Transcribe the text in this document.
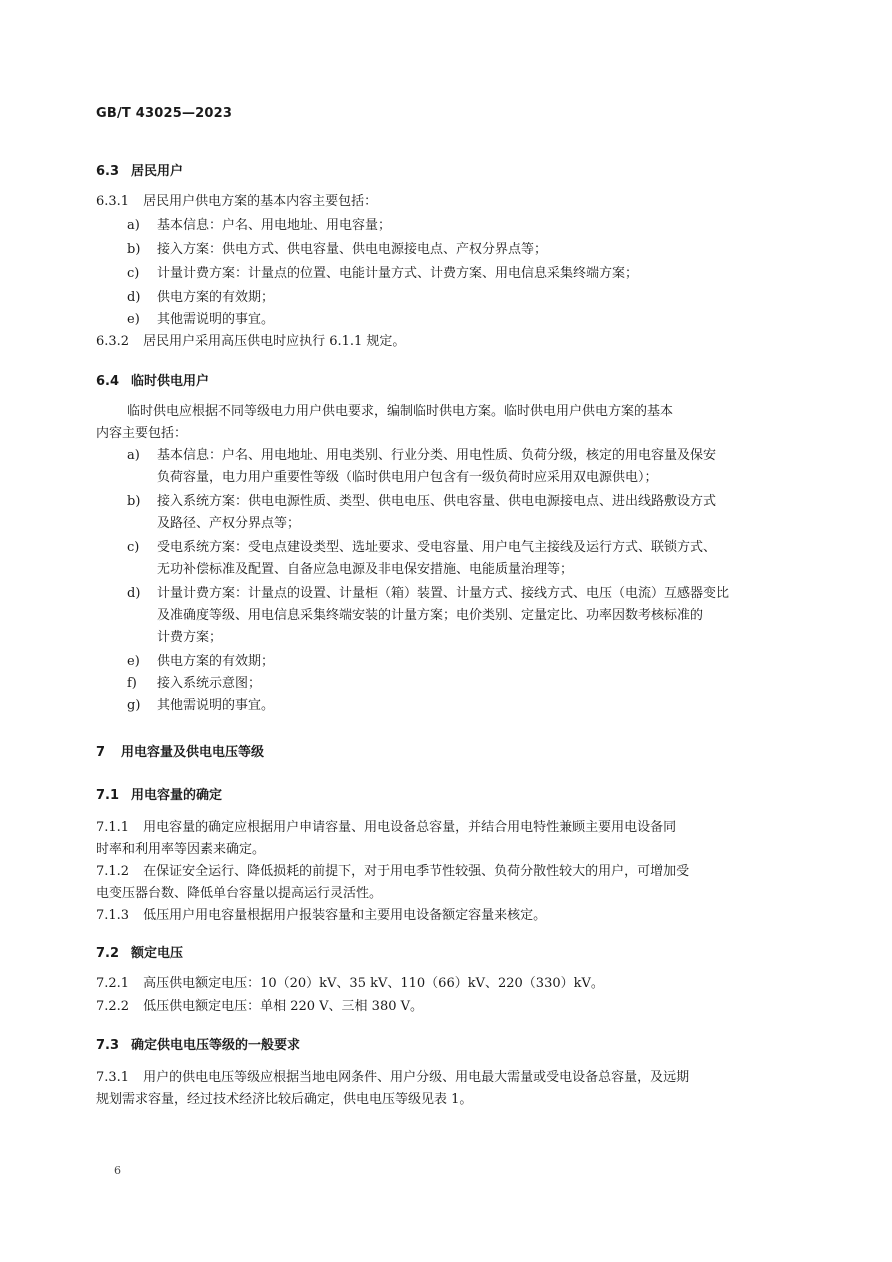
GB/T 43025—2023
6.3 居民用户
6.3.1 居民用户供电方案的基本内容主要包括：
a) 基本信息：户名、用电地址、用电容量；
b) 接入方案：供电方式、供电容量、供电电源接电点、产权分界点等；
c) 计量计费方案：计量点的位置、电能计量方式、计费方案、用电信息采集终端方案；
d) 供电方案的有效期；
e) 其他需说明的事宜。
6.3.2 居民用户采用高压供电时应执行 6.1.1 规定。
6.4 临时供电用户
临时供电应根据不同等级电力用户供电要求，编制临时供电方案。临时供电用户供电方案的基本
内容主要包括：
a) 基本信息：户名、用电地址、用电类别、行业分类、用电性质、负荷分级，核定的用电容量及保安
负荷容量，电力用户重要性等级（临时供电用户包含有一级负荷时应采用双电源供电）；
b) 接入系统方案：供电电源性质、类型、供电电压、供电容量、供电电源接电点、进出线路敷设方式
及路径、产权分界点等；
c) 受电系统方案：受电点建设类型、选址要求、受电容量、用户电气主接线及运行方式、联锁方式、
无功补偿标准及配置、自备应急电源及非电保安措施、电能质量治理等；
d) 计量计费方案：计量点的设置、计量柜（箱）装置、计量方式、接线方式、电压（电流）互感器变比
及准确度等级、用电信息采集终端安装的计量方案；电价类别、定量定比、功率因数考核标准的
计费方案；
e) 供电方案的有效期；
f) 接入系统示意图；
g) 其他需说明的事宜。
7 用电容量及供电电压等级
7.1 用电容量的确定
7.1.1 用电容量的确定应根据用户申请容量、用电设备总容量，并结合用电特性兼顾主要用电设备同
时率和利用率等因素来确定。
7.1.2 在保证安全运行、降低损耗的前提下，对于用电季节性较强、负荷分散性较大的用户，可增加受
电变压器台数、降低单台容量以提高运行灵活性。
7.1.3 低压用户用电容量根据用户报装容量和主要用电设备额定容量来核定。
7.2 额定电压
7.2.1 高压供电额定电压：10（20）kV、35 kV、110（66）kV、220（330）kV。
7.2.2 低压供电额定电压：单相 220 V、三相 380 V。
7.3 确定供电电压等级的一般要求
7.3.1 用户的供电电压等级应根据当地电网条件、用户分级、用电最大需量或受电设备总容量，及远期
规划需求容量，经过技术经济比较后确定，供电电压等级见表 1。
6
